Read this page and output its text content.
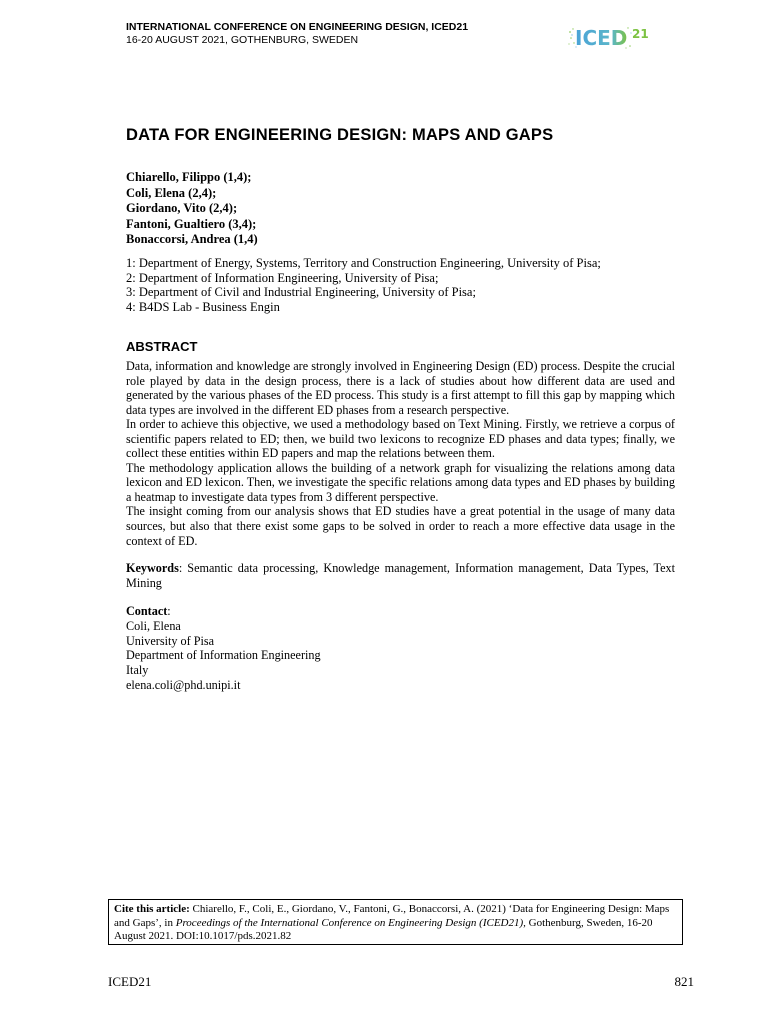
INTERNATIONAL CONFERENCE ON ENGINEERING DESIGN, ICED21
16-20 AUGUST 2021, GOTHENBURG, SWEDEN	ICED 21
DATA FOR ENGINEERING DESIGN: MAPS AND GAPS
Chiarello, Filippo (1,4);
Coli, Elena (2,4);
Giordano, Vito (2,4);
Fantoni, Gualtiero (3,4);
Bonaccorsi, Andrea (1,4)
1: Department of Energy, Systems, Territory and Construction Engineering, University of Pisa;
2: Department of Information Engineering, University of Pisa;
3: Department of Civil and Industrial Engineering, University of Pisa;
4: B4DS Lab - Business Engin
ABSTRACT

Data, information and knowledge are strongly involved in Engineering Design (ED) process. Despite the crucial role played by data in the design process, there is a lack of studies about how different data are used and generated by the various phases of the ED process. This study is a first attempt to fill this gap by mapping which data types are involved in the different ED phases from a research perspective.

In order to achieve this objective, we used a methodology based on Text Mining. Firstly, we retrieve a corpus of scientific papers related to ED; then, we build two lexicons to recognize ED phases and data types; finally, we collect these entities within ED papers and map the relations between them.

The methodology application allows the building of a network graph for visualizing the relations among data lexicon and ED lexicon. Then, we investigate the specific relations among data types and ED phases by building a heatmap to investigate data types from 3 different perspective.

The insight coming from our analysis shows that ED studies have a great potential in the usage of many data sources, but also that there exist some gaps to be solved in order to reach a more effective data usage in the context of ED.

Keywords: Semantic data processing, Knowledge management, Information management, Data Types, Text Mining
Contact:
Coli, Elena
University of Pisa
Department of Information Engineering
Italy
elena.coli@phd.unipi.it
Cite this article: Chiarello, F., Coli, E., Giordano, V., Fantoni, G., Bonaccorsi, A. (2021) ‘Data for Engineering Design: Maps and Gaps’, in Proceedings of the International Conference on Engineering Design (ICED21), Gothenburg, Sweden, 16-20 August 2021. DOI:10.1017/pds.2021.82
ICED21	821
